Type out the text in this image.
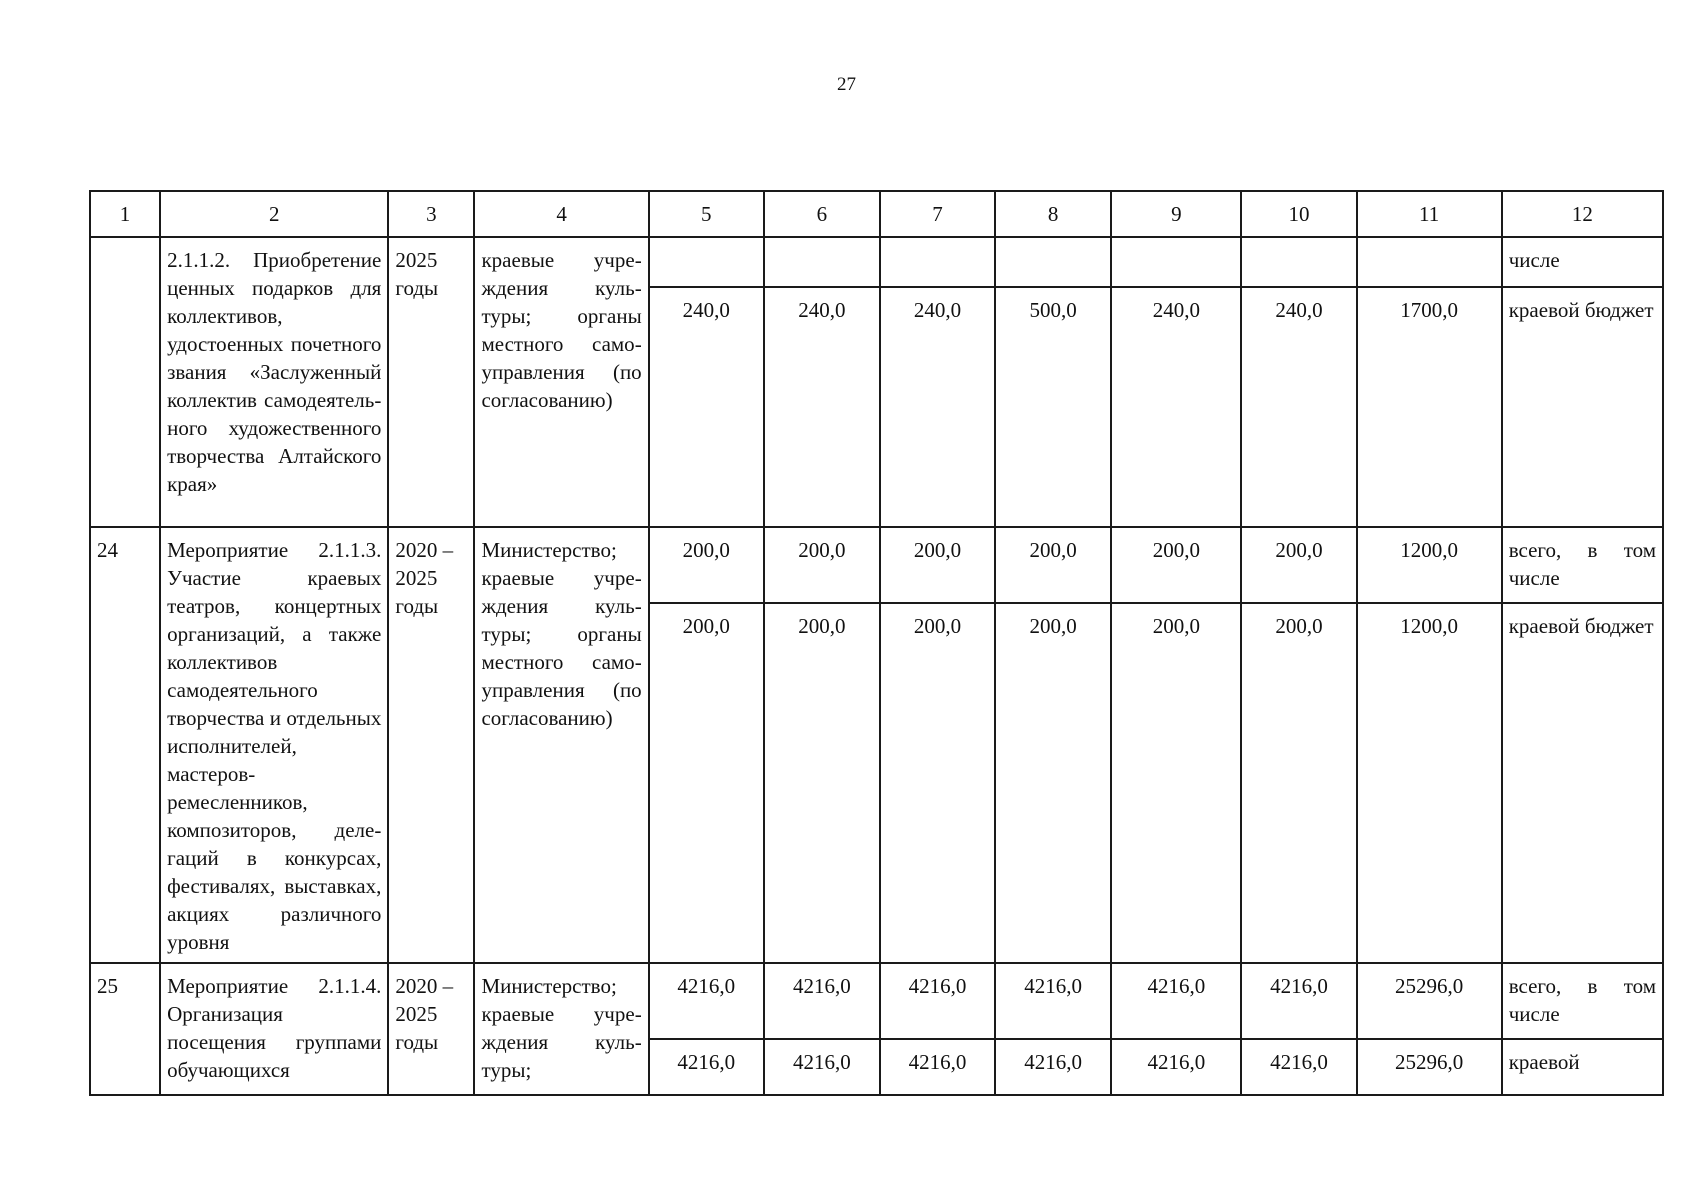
27
1	2	3	4	5	6	7	8	9	10	11	12
	2.1.1.2. Приобретение ценных подарков для коллективов, удостоенных почетного звания «Заслуженный коллектив самодеятельного художественного творчества Алтайского края»	2025 годы	краевые учреждения культуры; органы местного самоуправления (по согласованию)								числе
				240,0	240,0	240,0	500,0	240,0	240,0	1700,0	краевой бюджет
24	Мероприятие 2.1.1.3. Участие краевых театров, концертных организаций, а также коллективов самодеятельного творчества и отдельных исполнителей, мастеровремесленников, композиторов, делегаций в конкурсах, фестивалях, выставках, акциях различного уровня	2020 – 2025 годы	Министерство; краевые учреждения культуры; органы местного самоуправления (по согласованию)	200,0	200,0	200,0	200,0	200,0	200,0	1200,0	всего, в том числе
				200,0	200,0	200,0	200,0	200,0	200,0	1200,0	краевой бюджет
25	Мероприятие 2.1.1.4. Организация посещения группами обучающихся	2020 – 2025 годы	Министерство; краевые учреждения культуры;	4216,0	4216,0	4216,0	4216,0	4216,0	4216,0	25296,0	всего, в том числе
				4216,0	4216,0	4216,0	4216,0	4216,0	4216,0	25296,0	краевой
